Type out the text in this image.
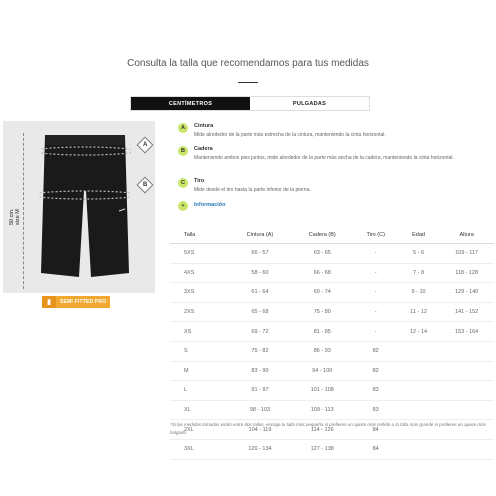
Consulta la talla que recomendamos para tus medidas
CENTÍMETROS	PULGADAS
50 cm.
size M
A
B
▮	SEMI FITTED PRO
A	Cintura
Mide alrededor de la parte más estrecha de la cintura, manteniendo la cinta horizontal.
B	Cadera
Manteniendo ambos pies juntos, mide alrededor de la parte más ancha de la cadera, manteniendo la cinta horizontal.
C	Tiro
Mide desde el tiro hasta la parte inferior de la pierna.
+	Información
Talla	Cintura (A)	Cadera (B)	Tiro (C)	Edad	Altura
5XS	56 - 57	63 - 65	-	5 - 6	109 - 117
4XS	58 - 60	66 - 68	-	7 - 8	118 - 128
3XS	61 - 64	69 - 74	-	9 - 10	129 - 140
2XS	65 - 68	75 - 80	-	11 - 12	141 - 152
XS	69 - 72	81 - 85	-	12 - 14	153 - 164
S	75 - 82	86 - 93	82		
M	83 - 90	94 - 100	82		
L	91 - 97	101 - 108	83		
XL	98 - 103	109 - 113	83		
2XL	104 - 119	114 - 126	84		
3XL	120 - 134	127 - 138	84		
*Si las medidas tomadas están entre dos tallas, escoge la talla más pequeña si prefieres un ajuste más ceñido o la talla más grande si prefieres un ajuste más holgado.
